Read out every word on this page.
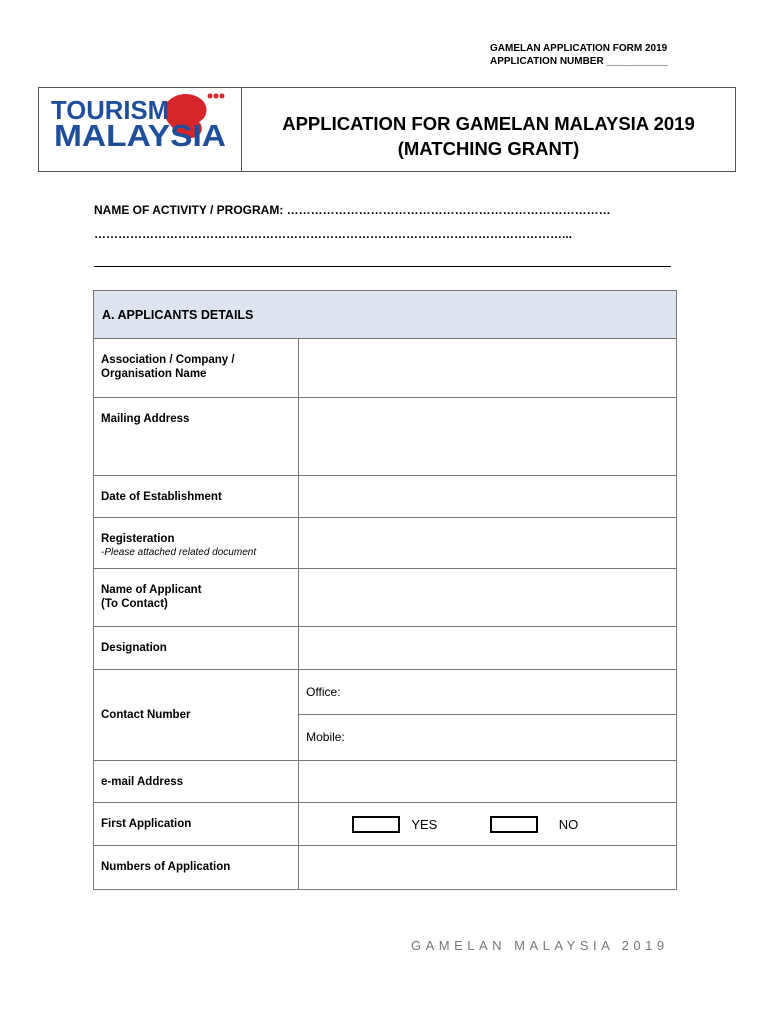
GAMELAN APPLICATION FORM 2019
APPLICATION NUMBER ___________
TOURISM
MALAYSIA	APPLICATION FOR GAMELAN MALAYSIA 2019
(MATCHING GRANT)
NAME OF ACTIVITY / PROGRAM: ………………………………………………………………………
………………………………………………………………………………………………………...
A. APPLICANTS DETAILS	

Association / Company /
Organisation Name	

Mailing Address	
Date of Establishment	

Registeration
-Please attached related document	

Name of Applicant
(To Contact)	

Designation	
Contact Number	Office:
	Mobile:
e-mail Address	
First Application	YES NO
Numbers of Application	
GAMELAN MALAYSIA 2019
